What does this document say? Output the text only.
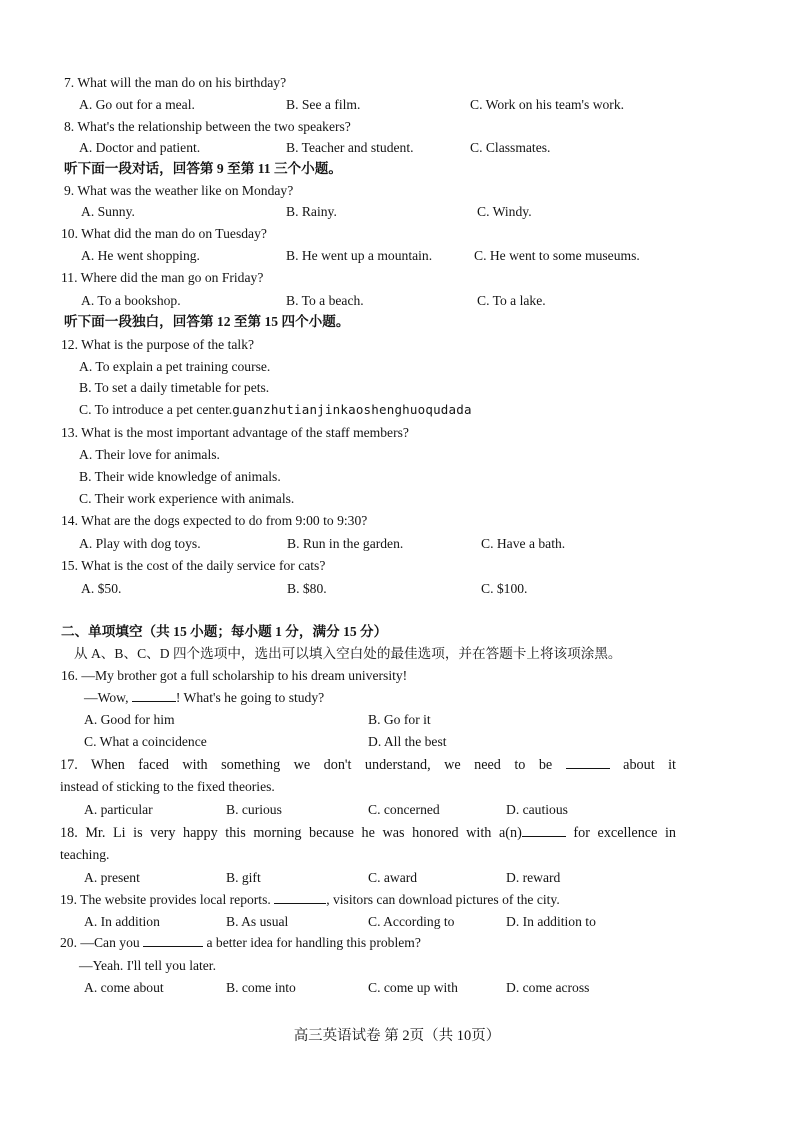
7. What will the man do on his birthday?
A. Go out for a meal.	B. See a film.	C. Work on his team's work.
8. What's the relationship between the two speakers?
A. Doctor and patient.	B. Teacher and student.	C. Classmates.
听下面一段对话，回答第 9 至第 11 三个小题。
9. What was the weather like on Monday?
A. Sunny.	B. Rainy.	C. Windy.
10. What did the man do on Tuesday?
A. He went shopping.	B. He went up a mountain.	C. He went to some museums.
11. Where did the man go on Friday?
A. To a bookshop.	B. To a beach.	C. To a lake.
听下面一段独白，回答第 12 至第 15 四个小题。
12. What is the purpose of the talk?
A. To explain a pet training course.
B. To set a daily timetable for pets.
C. To introduce a pet center.guanzhutianjinkaoshenghuoqudada
13. What is the most important advantage of the staff members?
A. Their love for animals.
B. Their wide knowledge of animals.
C. Their work experience with animals.
14. What are the dogs expected to do from 9:00 to 9:30?
A. Play with dog toys.	B. Run in the garden.	C. Have a bath.
15. What is the cost of the daily service for cats?
A. $50.	B. $80.	C. $100.
二、单项填空（共 15 小题；每小题 1 分，满分 15 分）
从 A、B、C、D 四个选项中，选出可以填入空白处的最佳选项，并在答题卡上将该项涂黑。
16. —My brother got a full scholarship to his dream university!
—Wow,	! What's he going to study?
A. Good for him	B. Go for it
C. What a coincidence	D. All the best
17. When faced with something we don't understand, we need to be	about it
instead of sticking to the fixed theories.
A. particular	B. curious	C. concerned	D. cautious
18. Mr. Li is very happy this morning because he was honored with a(n)	for excellence in
teaching.
A. present	B. gift	C. award	D. reward
19. The website provides local reports.	, visitors can download pictures of the city.
A. In addition	B. As usual	C. According to	D. In addition to
20. —Can you	a better idea for handling this problem?
—Yeah. I'll tell you later.
A. come about	B. come into	C. come up with	D. come across
高三英语试卷 第 2页（共 10页）
